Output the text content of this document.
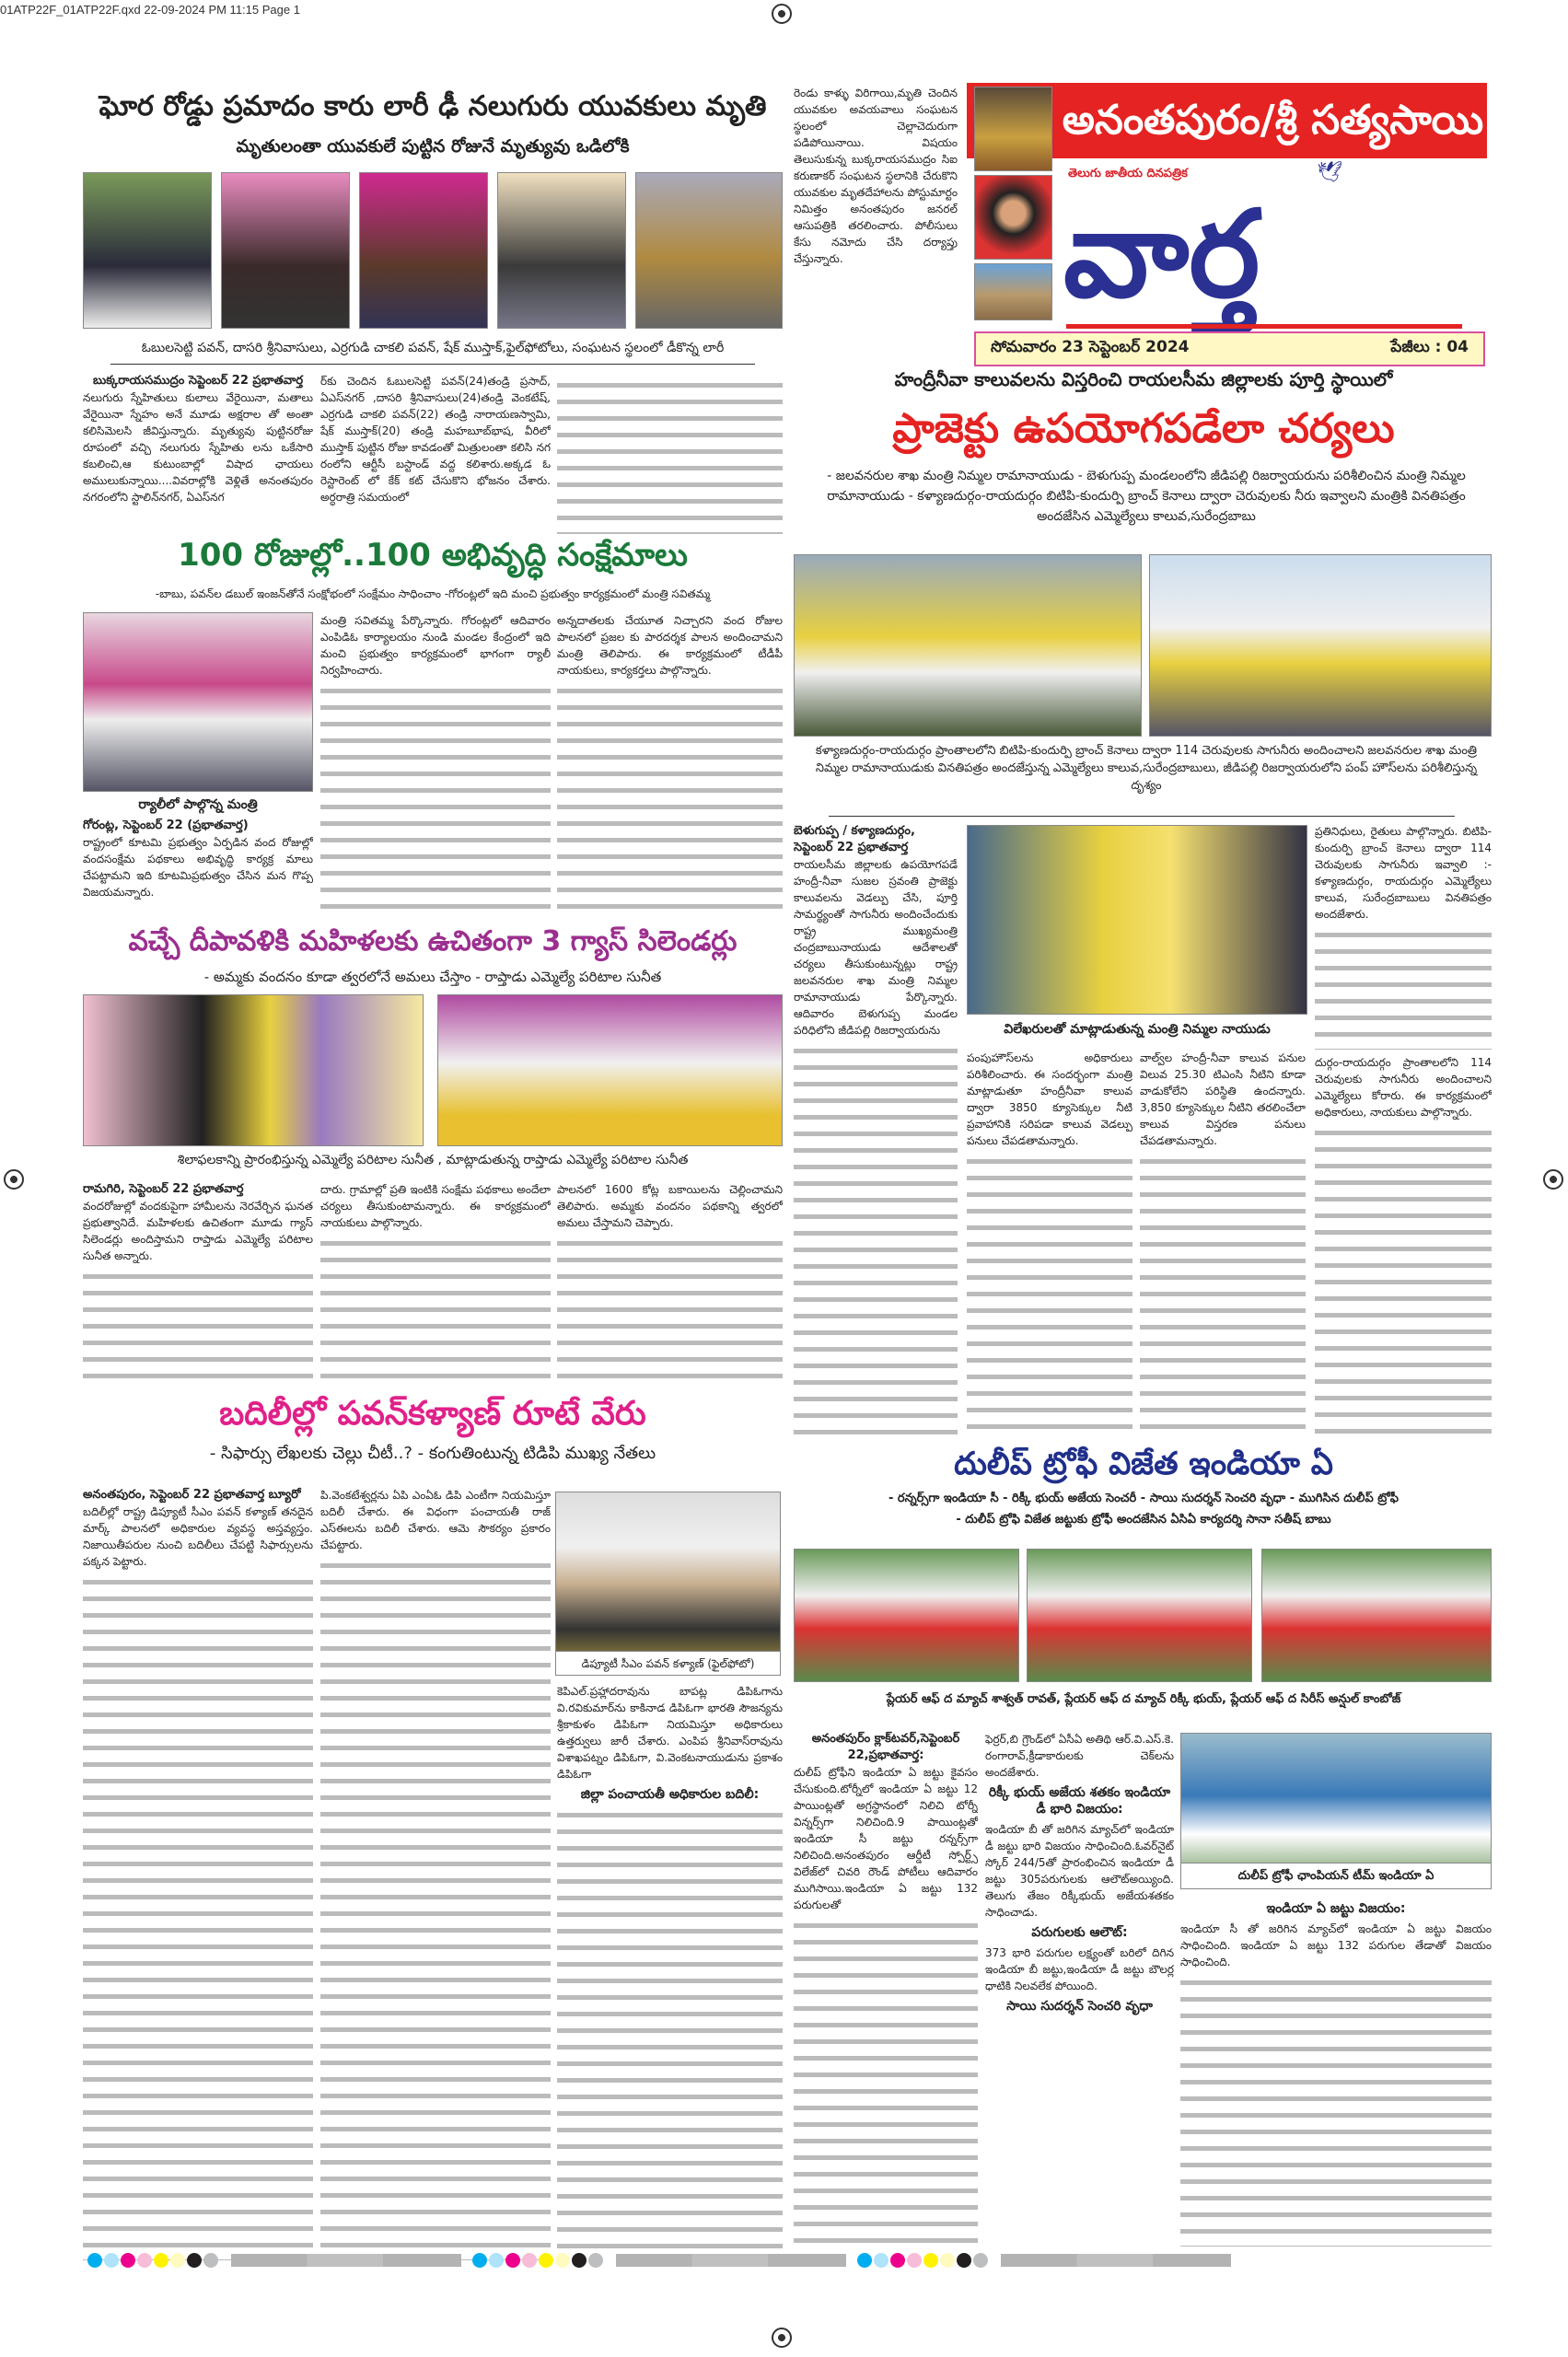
01ATP22F_01ATP22F.qxd 22-09-2024 PM 11:15 Page 1
అనంతపురం/శ్రీ సత్యసాయి
తెలుగు జాతీయ దినపత్రిక	🕊
వార్త
సోమవారం 23 సెప్టెంబర్ 2024	పేజీలు : 04
ఘోర రోడ్డు ప్రమాదం కారు లారీ ఢీ నలుగురు యువకులు మృతి
మృతులంతా యువకులే పుట్టిన రోజునే మృత్యువు ఒడిలోకి
ఓబులసెట్టి పవన్, దాసరి శ్రీనివాసులు, ఎర్రగుడి చాకలి పవన్, షేక్ ముస్తాక్,ఫైల్‌ఫోటోలు, సంఘటన స్థలంలో డీకొన్న లారీ
బుక్కరాయసముద్రం సెప్టెంబర్ 22 ప్రభాతవార్త
నలుగురు స్నేహితులు కులాలు వేరైయినా, మతాలు వేరైయినా స్నేహం అనే మూడు అక్షరాల తో అంతా కలిసిమెలసి జీవిస్తున్నారు. మృత్యువు పుట్టినరోజు రూపంలో వచ్చి నలుగురు స్నేహితు లను ఒకేసారి కబలించి,ఆ కుటుంబాల్లో విషాద ఛాయలు అములుకున్నాయి....వివరాల్లోకి వెళ్లితే అనంతపురం నగరంలోని స్టాలిన్‌నగర్, ఏఎస్‌నగ
ర్‌కు చెందిన ఓబులసెట్టి పవన్(24)తండ్రి ప్రసాద్, ఏఎస్‌నగర్ ,దాసరి శ్రీనివాసులు(24)తండ్రి వెంకటేష్, ఎర్రగుడి చాకలి పవన్(22) తండ్రి నారాయణస్వామి, షేక్ ముస్తాక్(20) తండ్రి మహబూబ్‌భాష, వీరిలో ముస్తాక్ పుట్టిన రోజు కావడంతో మిత్రులంతా కలిసి నగ రంలోని ఆర్టీసీ బస్టాండ్ వద్ద కలిశారు.అక్కడ ఓ రెస్టారెంట్ లో కేక్ కట్ చేసుకొని భోజనం చేశారు. అర్ధరాత్రి సమయంలో
రెండు కాళ్ళు విరిగాయి,మృతి చెందిన యువకుల అవయవాలు సంఘటన స్థలంలో చెల్లాచెదురుగా పడిపోయినాయి. విషయం తెలుసుకున్న బుక్కరాయసముద్రం సిఐ కరుణాకర్ సంఘటన స్థలానికి చేరుకొని యువకుల మృతదేహాలను పోస్టుమార్టం నిమిత్తం అనంతపురం జనరల్ ఆసుపత్రికి తరలించారు. పోలీసులు కేసు నమోదు చేసి దర్యాప్తు చేస్తున్నారు.
100 రోజుల్లో..100 అభివృద్ధి సంక్షేమాలు
-బాబు, పవన్‌ల డబుల్ ఇంజన్‌తోనే సంక్షోభంలో సంక్షేమం సాధించాం -గోరంట్లలో ఇది మంచి ప్రభుత్వం కార్యక్రమంలో మంత్రి సవితమ్మ
ర్యాలీలో పాల్గొన్న మంత్రి
గోరంట్ల, సెప్టెంబర్ 22 (ప్రభాతవార్త)
రాష్ట్రంలో కూటమి ప్రభుత్వం ఏర్పడిన వంద రోజుల్లో వందసంక్షేమ పథకాలు అభివృద్ధి కార్యక్ర మాలు చేపట్టామని ఇది కూటమిప్రభుత్వం చేసిన మన గొప్ప విజయమన్నారు.
మంత్రి సవితమ్మ పేర్కొన్నారు. గోరంట్లలో ఆదివారం ఎంపిడిఓ కార్యాలయం నుండి మండల కేంద్రంలో ఇది మంచి ప్రభుత్వం కార్యక్రమంలో భాగంగా ర్యాలీ నిర్వహించారు.
అన్నదాతలకు చేయూత నిచ్చారని వంద రోజుల పాలనలో ప్రజల కు పారదర్శక పాలన అందించామని మంత్రి తెలిపారు. ఈ కార్యక్రమంలో టీడీపీ నాయకులు, కార్యకర్తలు పాల్గొన్నారు.
వచ్చే దీపావళికి మహిళలకు ఉచితంగా 3 గ్యాస్ సిలెండర్లు
- అమ్మకు వందనం కూడా త్వరలోనే అమలు చేస్తాం - రాప్తాడు ఎమ్మెల్యే పరిటాల సునీత
శిలాఫలకాన్ని ప్రారంభిస్తున్న ఎమ్మెల్యే పరిటాల సునీత , మాట్లాడుతున్న రాప్తాడు ఎమ్మెల్యే పరిటాల సునీత
రామగిరి, సెప్టెంబర్ 22 ప్రభాతవార్త
వందరోజుల్లో వందకుపైగా హామీలను నెరవేర్చిన ఘనత ప్రభుత్వానిదే. మహిళలకు ఉచితంగా మూడు గ్యాస్ సిలెండర్లు అందిస్తామని రాప్తాడు ఎమ్మెల్యే పరిటాల సునీత అన్నారు.
దారు. గ్రామాల్లో ప్రతి ఇంటికి సంక్షేమ పథకాలు అందేలా చర్యలు తీసుకుంటామన్నారు. ఈ కార్యక్రమంలో నాయకులు పాల్గొన్నారు.
పాలనలో 1600 కోట్ల బకాయిలను చెల్లించామని తెలిపారు. అమ్మకు వందనం పథకాన్ని త్వరలో అమలు చేస్తామని చెప్పారు.
బదిలీల్లో పవన్‌కళ్యాణ్ రూటే వేరు
- సిఫార్సు లేఖలకు చెల్లు చీటీ..? - కంగుతింటున్న టిడిపి ముఖ్య నేతలు
అనంతపురం, సెప్టెంబర్ 22 ప్రభాతవార్త బ్యూరో
బదిలీల్లో రాష్ట్ర డిప్యూటీ సీఎం పవన్ కళ్యాణ్ తనదైన మార్క్ పాలనలో అధికారుల వ్యవస్థ అస్తవ్యస్తం. నిజాయితీపరుల నుంచి బదిలీలు చేపట్టి సిఫార్సులను పక్కన పెట్టారు.
పి.వెంకటేశ్వర్లను ఏపి ఎంఏఓ డిపి ఎంటీగా నియమిస్తూ బదిలీ చేశారు. ఈ విధంగా పంచాయతీ రాజ్ ఎస్‌ఈలను బదిలీ చేశారు. ఆమె సౌకర్యం ప్రకారం చేపట్టారు.
డిప్యూటీ సీఎం పవన్ కళ్యాణ్ (ఫైల్‌ఫోటో)
కెపిఎల్.ప్రహ్లాదరావును బాపట్ల డిపిఓగాను వి.రవికుమార్‌ను కాకినాడ డిపిఓగా భారతి సౌజన్యను శ్రీకాకుళం డిపిఓగా నియమిస్తూ అధికారులు ఉత్తర్వులు జారీ చేశారు. ఎంపిప శ్రీనివాస్‌రావును విశాఖపట్నం డిపిఓగా, వి.వెంకటనాయుడును ప్రకాశం డిపిఓగా
జిల్లా పంచాయతీ అధికారుల బదిలీ:
హంద్రీనీవా కాలువలను విస్తరించి రాయలసీమ జిల్లాలకు పూర్తి స్థాయిలో
ప్రాజెక్టు ఉపయోగపడేలా చర్యలు
- జలవనరుల శాఖ మంత్రి నిమ్మల రామానాయుడు - బెళుగుప్ప మండలంలోని జీడిపల్లి రిజర్వాయరును పరిశీలించిన మంత్రి నిమ్మల రామానాయుడు - కళ్యాణదుర్గం-రాయదుర్గం బిటిపి-కుందుర్పి బ్రాంచ్ కెనాలు ద్వారా చెరువులకు నీరు ఇవ్వాలని మంత్రికి వినతిపత్రం అందజేసిన ఎమ్మెల్యేలు కాలువ,సురేంద్రబాబు
కళ్యాణదుర్గం-రాయదుర్గం ప్రాంతాలలోని బిటిపి-కుందుర్పి బ్రాంచ్ కెనాలు ద్వారా 114 చెరువులకు సాగునీరు అందించాలని జలవనరుల శాఖ మంత్రి నిమ్మల రామానాయుడుకు వినతిపత్రం అందజేస్తున్న ఎమ్మెల్యేలు కాలువ,సురేంద్రబాబులు, జీడిపల్లి రిజర్వాయరులోని పంప్ హౌస్‌లను పరిశీలిస్తున్న దృశ్యం
బెళుగుప్ప / కళ్యాణదుర్గం, సెప్టెంబర్ 22 ప్రభాతవార్త
రాయలసీమ జిల్లాలకు ఉపయోగపడే హంద్రీ-నీవా సుజల స్రవంతి ప్రాజెక్టు కాలువలను వెడల్పు చేసి, పూర్తి సామర్థ్యంతో సాగునీరు అందించేందుకు రాష్ట్ర ముఖ్యమంత్రి చంద్రబాబునాయుడు ఆదేశాలతో చర్యలు తీసుకుంటున్నట్లు రాష్ట్ర జలవనరుల శాఖ మంత్రి నిమ్మల రామానాయుడు పేర్కొన్నారు. ఆదివారం బెళుగుప్ప మండల పరిధిలోని జీడిపల్లి రిజర్వాయరును	విలేఖరులతో మాట్లాడుతున్న మంత్రి నిమ్మల నాయుడు
ప్రతినిధులు, రైతులు పాల్గొన్నారు. బిటిపి-కుందుర్పి బ్రాంచ్ కెనాలు ద్వారా 114 చెరువులకు సాగునీరు ఇవ్వాలి :- కళ్యాణదుర్గం, రాయదుర్గం ఎమ్మెల్యేలు కాలువ, సురేంద్రబాబులు వినతిపత్రం అందజేశారు.
పంపుహౌస్‌లను అధికారులు పరిశీలించారు. ఈ సందర్భంగా మంత్రి మాట్లాడుతూ హంద్రీనీవా కాలువ ద్వారా 3850 క్యూసెక్కుల నీటి ప్రవాహానికి సరిపడా కాలువ వెడల్పు పనులు చేపడతామన్నారు.
వాల్వ్‌ల హంద్రీ-నీవా కాలువ పనుల విలువ 25.30 టిఎంసి నీటిని కూడా వాడుకోలేని పరిస్థితి ఉందన్నారు. 3,850 క్యూసెక్కుల నీటిని తరలించేలా కాలువ విస్తరణ పనులు చేపడతామన్నారు.
దుర్గం-రాయదుర్గం ప్రాంతాలలోని 114 చెరువులకు సాగునీరు అందించాలని ఎమ్మెల్యేలు కోరారు. ఈ కార్యక్రమంలో అధికారులు, నాయకులు పాల్గొన్నారు.
దులీప్ ట్రోఫీ విజేత ఇండియా ఏ
- రన్నర్స్‌గా ఇండియా సీ - రిక్కీ భుయ్ అజేయ సెంచరీ - సాయి సుదర్శన్ సెంచరి వృధా - ముగిసిన దులీప్ ట్రోఫీ
- దులీప్ ట్రోఫి విజేత జట్టుకు ట్రోఫీ అందజేసిన ఏసిఏ కార్యదర్శి సానా సతీష్ బాబు
ప్లేయర్ ఆఫ్ ద మ్యాచ్ శాశ్వత్ రావత్, ప్లేయర్ ఆఫ్ ద మ్యాచ్ రిక్కీ భుయ్, ప్లేయర్ ఆఫ్ ద సిరీస్ అన్షుల్ కాంబోజ్
అనంతపుర్ం క్లాక్‌టవర్,సెప్టెంబర్ 22,ప్రభాతవార్త:
దులీప్ ట్రోఫీని ఇండియా ఏ జట్టు కైవసం చేసుకుంది.టోర్నీలో ఇండియా ఏ జట్టు 12 పాయింట్లతో అగ్రస్థానంలో నిలిచి టోర్నీ విన్నర్స్‌గా నిలిచింది.9 పాయింట్లతో ఇండియా సీ జట్టు రన్నర్స్‌గా నిలిచింది.అనంతపురం ఆర్డీటీ స్పోర్ట్స్ విలేజ్‌లో చివరి రౌండ్ పోటీలు ఆదివారం ముగిసాయి.ఇండియా ఏ జట్టు 132 పరుగులతో
ఫెర్రర్,బి గ్రౌండ్‌లో ఏసీఏ అతిథి ఆర్.వి.ఎస్.కె. రంగారావ్,క్రీడాకారులకు చెక్‌లను అందజేశారు.
రిక్కీ భుయ్ అజేయ శతకం ఇండియా డీ భారి విజయం:
ఇండియా బీ తో జరిగిన మ్యాచ్‌లో ఇండియా డీ జట్టు భారి విజయం సాధించింది.ఓవర్‌నైట్ స్కోర్ 244/5తో ప్రారంభించిన ఇండియా డీ జట్టు 305పరుగులకు ఆలౌట్‌అయ్యింది. తెలుగు తేజం రిక్కీభుయ్ అజేయశతకం సాధించాడు.
పరుగులకు ఆలౌట్:
373 భారి పరుగుల లక్ష్యంతో బరిలో దిగిన ఇండియా బీ జట్టు,ఇండియా డీ జట్టు బౌలర్ల ధాటికి నిలవలేక పోయింది.
సాయి సుదర్శన్ సెంచరి వృధా
దులీప్ ట్రోఫీ ఛాంపియన్ టీమ్ ఇండియా ఏ
ఇండియా ఏ జట్టు విజయం:
ఇండియా సీ తో జరిగిన మ్యాచ్‌లో ఇండియా ఏ జట్టు విజయం సాధించింది. ఇండియా ఏ జట్టు 132 పరుగుల తేడాతో విజయం సాధించింది.
